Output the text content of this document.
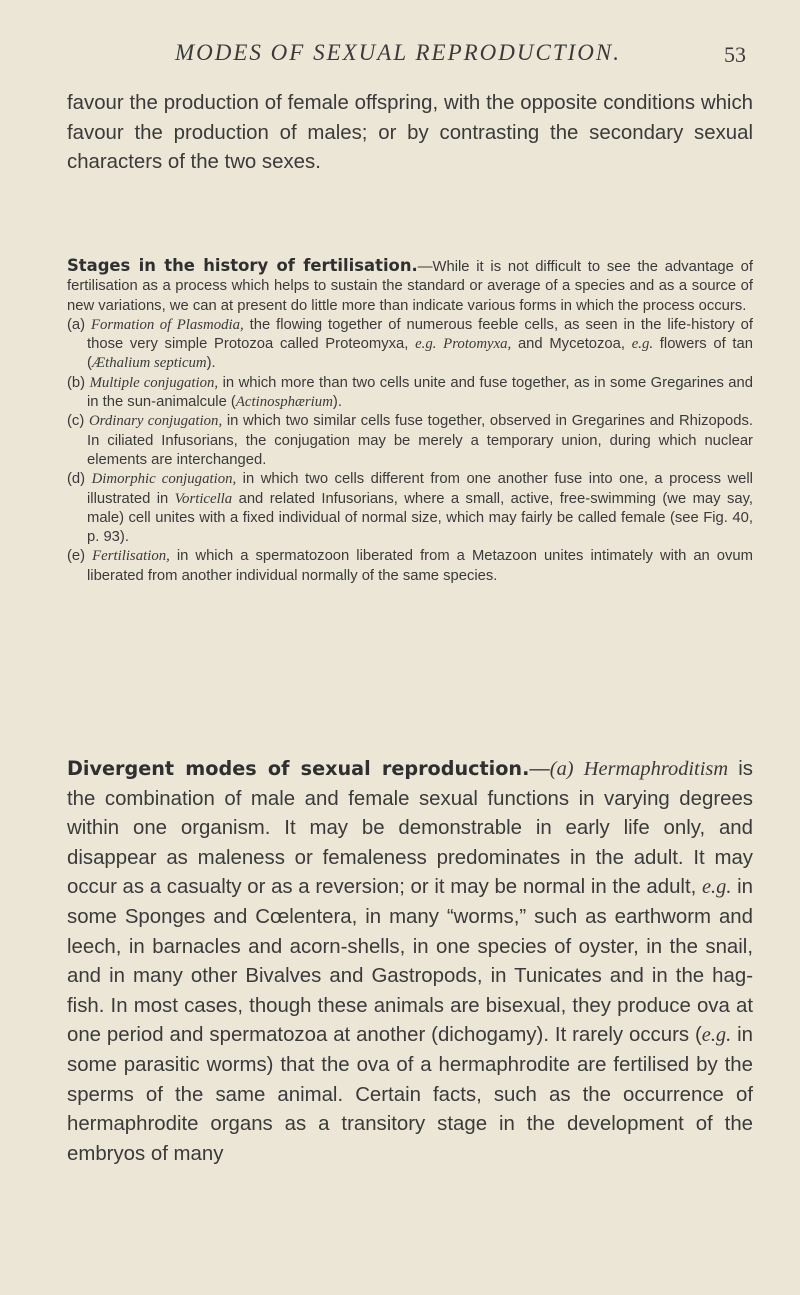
MODES OF SEXUAL REPRODUCTION.	53

favour the production of female offspring, with the opposite conditions which favour the production of males; or by contrasting the secondary sexual characters of the two sexes.

Stages in the history of fertilisation.—While it is not difficult to see the advantage of fertilisation as a process which helps to sustain the standard or average of a species and as a source of new variations, we can at present do little more than indicate various forms in which the process occurs.

(a) Formation of Plasmodia, the flowing together of numerous feeble cells, as seen in the life-history of those very simple Protozoa called Proteomyxa, e.g. Protomyxa, and Mycetozoa, e.g. flowers of tan (Æthalium septicum).

(b) Multiple conjugation, in which more than two cells unite and fuse together, as in some Gregarines and in the sun-animalcule (Actinosphærium).

(c) Ordinary conjugation, in which two similar cells fuse together, observed in Gregarines and Rhizopods. In ciliated Infusorians, the conjugation may be merely a temporary union, during which nuclear elements are interchanged.

(d) Dimorphic conjugation, in which two cells different from one another fuse into one, a process well illustrated in Vorticella and related Infusorians, where a small, active, free-swimming (we may say, male) cell unites with a fixed individual of normal size, which may fairly be called female (see Fig. 40, p. 93).

(e) Fertilisation, in which a spermatozoon liberated from a Metazoon unites intimately with an ovum liberated from another individual normally of the same species.

Divergent modes of sexual reproduction.—(a) Hermaphroditism is the combination of male and female sexual functions in varying degrees within one organism. It may be demonstrable in early life only, and disappear as maleness or femaleness predominates in the adult. It may occur as a casualty or as a reversion; or it may be normal in the adult, e.g. in some Sponges and Cœlentera, in many “worms,” such as earthworm and leech, in barnacles and acorn-shells, in one species of oyster, in the snail, and in many other Bivalves and Gastropods, in Tunicates and in the hag-fish. In most cases, though these animals are bisexual, they produce ova at one period and spermatozoa at another (dichogamy). It rarely occurs (e.g. in some parasitic worms) that the ova of a hermaphrodite are fertilised by the sperms of the same animal. Certain facts, such as the occurrence of hermaphrodite organs as a transitory stage in the development of the embryos of many
